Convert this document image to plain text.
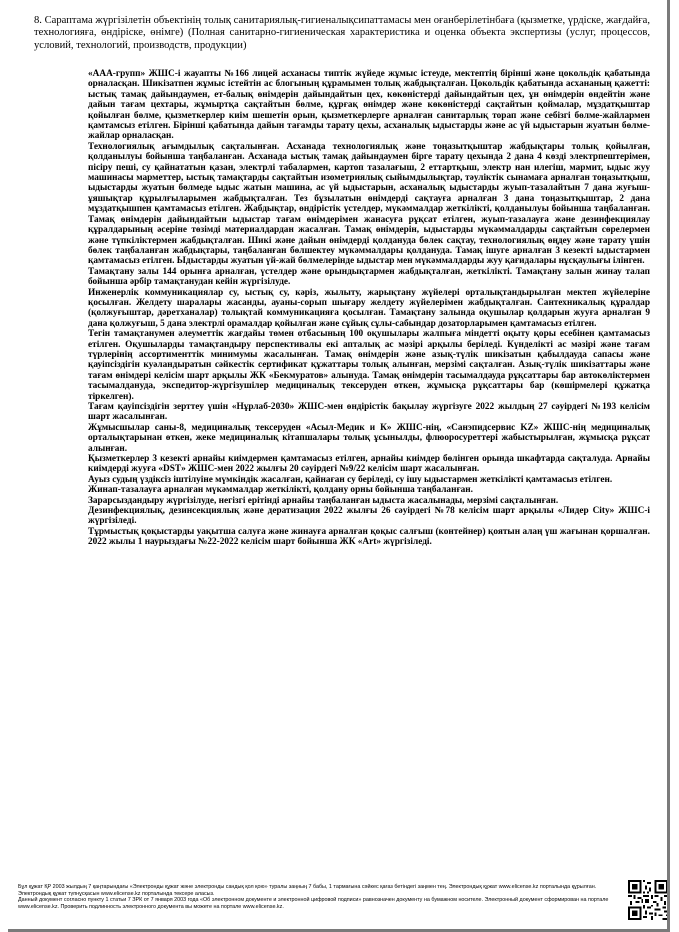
8. Сараптама жүргізілетін объектінің толық санитариялық-гигиеналықсипаттамасы мен оғанберілетінбаға (қызметке, үрдіске, жағдайға, технологияға, өндіріске, өнімге) (Полная санитарно-гигиеническая характеристика и оценка объекта экспертизы (услуг, процессов, условий, технологий, производств, продукции)

«ААА-групп» ЖШС-і жауапты №166 лицей асханасы типтік жүйеде жұмыс істеуде, мектептің бірінші және цокольдік қабатында орналасқан. Шикізатпен жұмыс істейтін ас блогының құрамымен толық жабдықталған. Цокольдік қабатында асхананың қажетті: ыстық тамақ дайындаумен, ет-балық өнімдерін дайындайтын цех, көкөністерді дайындайтын цех, ұн өнімдерін өндейтін және дайын тағам цехтары, жұмыртқа сақтайтын бөлме, құрғақ өнімдер және көкөністерді сақтайтын қоймалар, мұздатқыштар қойылған бөлме, қызметкерлер киім шешетін орын, қызметкерлерге арналған санитарлық торап және себізгі бөлме-жайлармен қамтамсыз етілген. Бірінші қабатында дайын тағамды тарату цехы, асханалық ыдыстарды және ас үй ыдыстарын жуатын бөлме-жайлар орналасқан.

Технологиялық ағымдылық сақталынған. Асханада технологиялық және тоңазытқыштар жабдықтары толық қойылған, қолданылуы бойынша таңбаланған. Асханада ыстық тамақ дайындаумен бірге тарату цехында 2 дана 4 көзді электрпештерімен, пісіру пеші, су қайнататын қазан, электрлі табалармен, картоп тазалағыш, 2 еттартқыш, электр нан илегіш, мармит, ыдыс жуу машинасы марметтер, ыстық тамақтарды сақтайтын изометриялық сыйымдылықтар, тәуліктік сынамаға арналған тоңазытқыш, ыдыстарды жуатын бөлмеде ыдыс жатын машина, ас үй ыдыстарын, асханалық ыдыстарды жуып-тазалайтын 7 дана жуғыш-ұяшықтар құрылғыларымен жабдықталған. Тез бұзылатын өнімдерді сақтауға арналған 3 дана тоңазытқыштар, 2 дана мұздатқышпен қамтамасыз етілген. Жабдықтар, өндірістік үстелдер, мүкәммалдар жеткілікті, қолданылуы бойынша таңбаланған. Тамақ өнімдерін дайындайтын ыдыстар тағам өнімдерімен жанасуға рұқсат етілген, жуып-тазалауға және дезинфекциялау құралдарының әсеріне төзімді материалдардан жасалған. Тамақ өнімдерін, ыдыстарды мүкәммалдарды сақтайтын сөрелермен және түпкіліктермен жабдықталған. Шикі және дайын өнімдерді қолдануда бөлек сақтау, технологиялық өңдеу және тарату үшін бөлек таңбаланған жабдықтары, таңбаланған бөлшектеу мүкәммалдары қолдануда. Тамақ ішуге арналған 3 кезекті ыдыстармен қамтамасыз етілген. Ыдыстарды жуатын үй-жай бөлмелерінде ыдыстар мен мүкәммалдарды жуу қағидалары нұсқаулығы ілінген.

Тамақтану залы 144 орынға арналған, үстелдер және орындықтармен жабдықталған, жеткілікті. Тамақтану залын жинау талап бойынша әрбір тамақтанудан кейін жүргізілуде.

Инженерлік коммуникациялар су, ыстық су, кәріз, жылыту, жарықтану жүйелері орталықтандырылған мектеп жүйелеріне қосылған. Желдету шаралары жасанды, ауаны-сорып шығару желдету жүйелерімен жабдықталған. Сантехникалық құралдар (қолжуғыштар, дәретханалар) толықтай коммуникацияға қосылған. Тамақтану залында оқушылар қолдарын жууға арналған 9 дана қолжуғыш, 5 дана электрлі орамалдар қойылған және сұйық сұлы-сабындар дозаторларымен қамтамасыз етілген.

Тегін тамақтанумен әлеуметтік жағдайы төмен отбасының 100 оқушылары жалпыға міндетті оқыту қоры есебінен қамтамасыз етілген. Оқушыларды тамақтандыру перспективалы екі апталық ас мәзірі арқылы беріледі. Күнделікті ас мәзірі және тағам түрлерінің ассортименттік минимумы жасалынған. Тамақ өнімдерін және азық-түлік шикізатын қабылдауда сапасы және қауіпсіздігін куәландыратын сәйкестік сертификат құжаттары толық алынған, мерзімі сақталған. Азық-түлік шикізаттары және тағам өнімдері келісім шарт арқылы ЖК «Бекмуратов» алынуда. Тамақ өнімдерін тасымалдауда рұқсаттары бар автокөліктермен тасымалдануда, экспедитор-жүргізушілер медициналық тексеруден өткен, жұмысқа рұқсаттары бар (көшірмелері құжатқа тіркелген).

Тағам қауіпсіздігін зерттеу үшін «Нұрлаб-2030» ЖШС-мен өндірістік бақылау жүргізуге 2022 жылдың 27 сәуірдегі №193 келісім шарт жасалынған.

Жұмысшылар саны-8, медициналық тексеруден «Асыл-Медик и К» ЖШС-нің, «Санэпидсервис KZ» ЖШС-нің медициналық орталықтарынан өткен, жеке медициналық кітапшалары толық ұсынылды, флюоросуреттері жабыстырылған, жұмысқа рұқсат алынған.

Қызметкерлер 3 кезекті арнайы киімдермен қамтамасыз етілген, арнайы киімдер бөлінген орында шкафтарда сақталуда. Арнайы киімдерді жууға «DST» ЖШС-мен 2022 жылғы 20 сәуірдегі №9/22 келісім шарт жасалынған.

Ауыз судың үздіксіз іштілуіне мүмкіндік жасалған, қайнаған су беріледі, су ішу ыдыстармен жеткілікті қамтамасыз етілген.

Жинап-тазалауға арналған мүкәммалдар жеткілікті, қолдану орны бойынша таңбаланған.

Зарарсыздандыру жүргізілуде, негізгі ерітінді арнайы таңбаланған ыдыста жасалынады, мерзімі сақталынған.

Дезинфекциялық, дезинсекциялық және дератизация 2022 жылғы 26 сәуірдегі №78 келісім шарт арқылы «Лидер City» ЖШС-і жүргізіледі.

Тұрмыстық қоқыстарды уақытша салуға және жинауға арналған қоқыс салғыш (контейнер) қоятын алаң үш жағынан қоршалған. 2022 жылы 1 наурыздағы №22-2022 келісім шарт бойынша ЖК «Art» жүргізіледі.

Бұл құжат ҚР 2003 жылдың 7 қаңтарындағы «Электронды құжат және электронды сандық қол қою» туралы заңның 7 бабы, 1 тармағына сәйкес қағаз бетіндегі заңмен тең. Электрондық құжат www.elicense.kz порталында құрылған. Электрондық құжат түпнұсқасын www.elicense.kz порталында тексере аласыз.

Данный документ согласно пункту 1 статьи 7 ЗРК от 7 января 2003 года «Об электронном документе и электронной цифровой подписи» равнозначен документу на бумажном носителе. Электронный документ сформирован на портале www.elicense.kz. Проверить подлинность электронного документа вы можете на портале www.elicense.kz.
